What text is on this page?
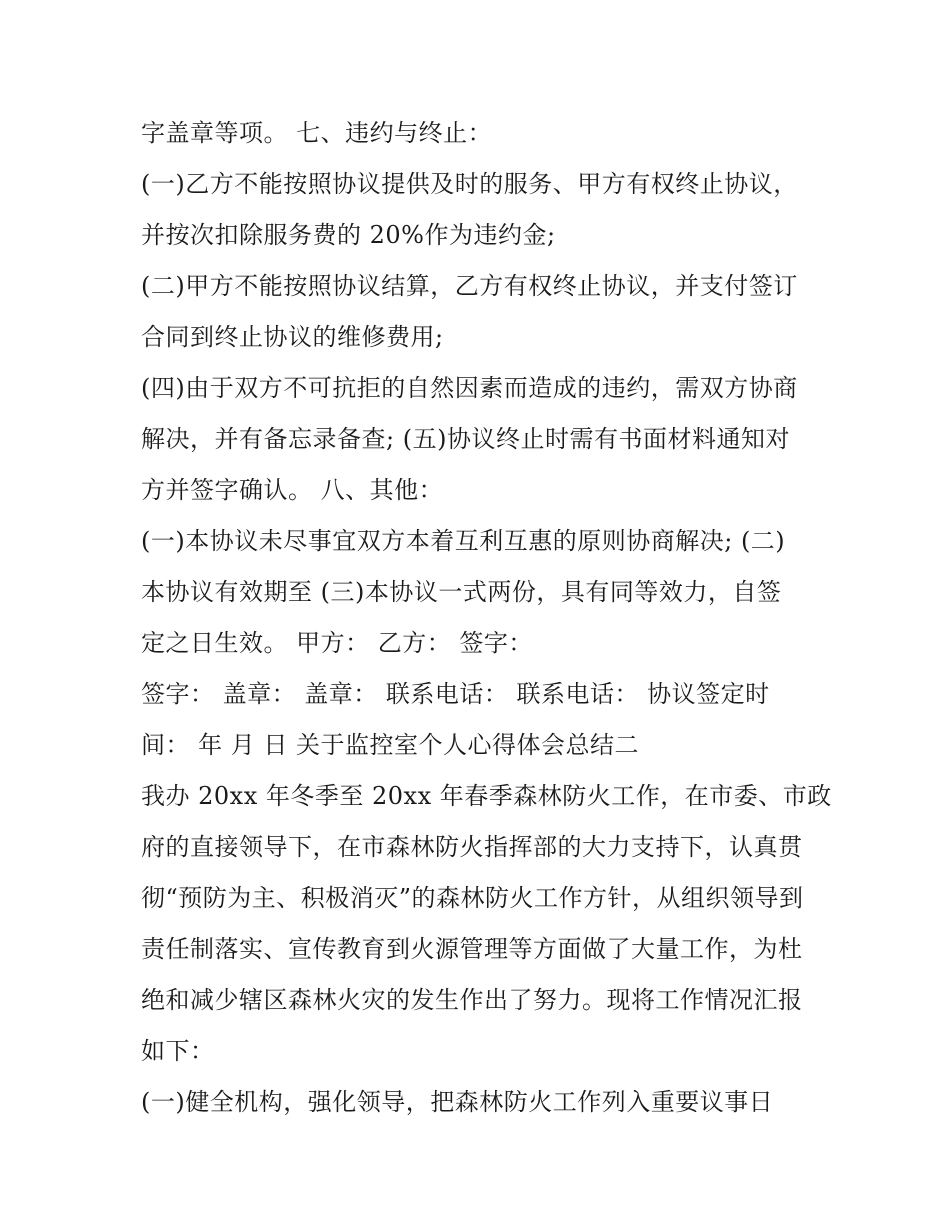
字盖章等项。 七、违约与终止：
(一)乙方不能按照协议提供及时的服务、甲方有权终止协议，
并按次扣除服务费的 20%作为违约金;
(二)甲方不能按照协议结算，乙方有权终止协议，并支付签订
合同到终止协议的维修费用;
(四)由于双方不可抗拒的自然因素而造成的违约，需双方协商
解决，并有备忘录备查; (五)协议终止时需有书面材料通知对
方并签字确认。 八、其他：
(一)本协议未尽事宜双方本着互利互惠的原则协商解决; (二)
本协议有效期至 (三)本协议一式两份，具有同等效力，自签
定之日生效。 甲方： 乙方： 签字：
签字： 盖章： 盖章： 联系电话： 联系电话： 协议签定时
间： 年 月 日 关于监控室个人心得体会总结二
我办 20xx 年冬季至 20xx 年春季森林防火工作，在市委、市政
府的直接领导下，在市森林防火指挥部的大力支持下，认真贯
彻“预防为主、积极消灭”的森林防火工作方针，从组织领导到
责任制落实、宣传教育到火源管理等方面做了大量工作，为杜
绝和减少辖区森林火灾的发生作出了努力。现将工作情况汇报
如下：
(一)健全机构，强化领导，把森林防火工作列入重要议事日
